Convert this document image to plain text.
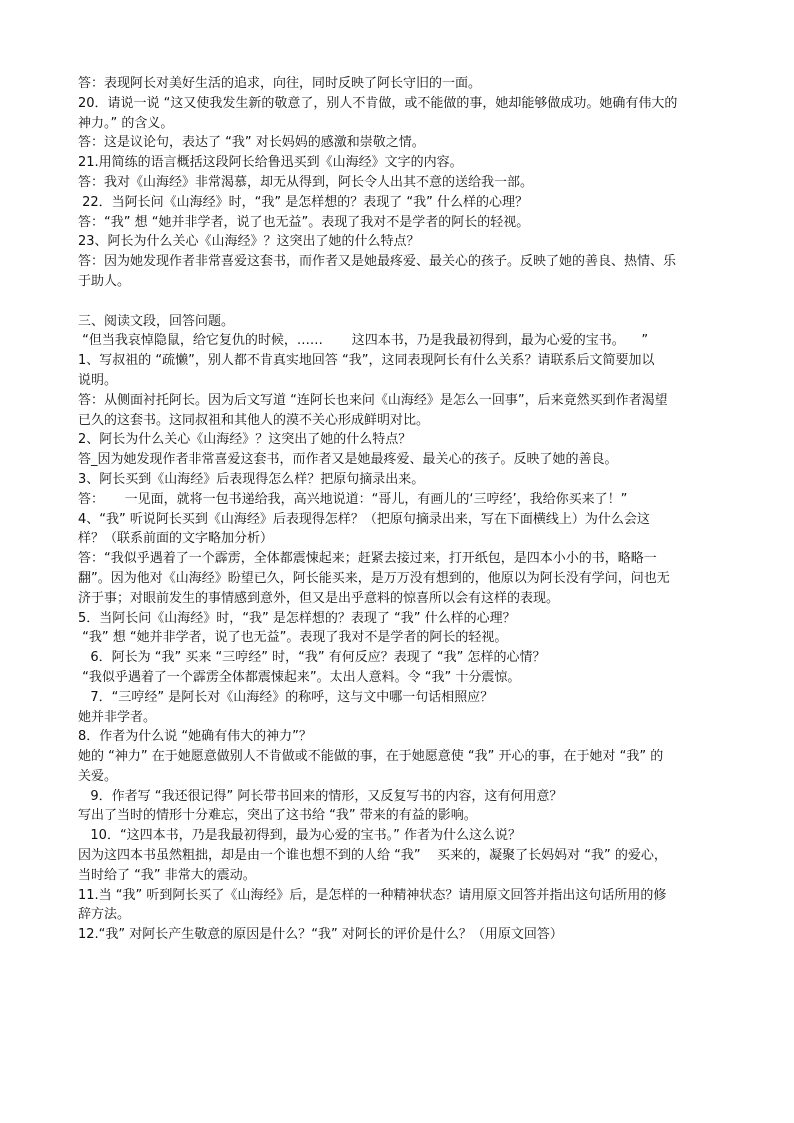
答：表现阿长对美好生活的追求，向往，同时反映了阿长守旧的一面。

20．请说一说 “这又使我发生新的敬意了，别人不肯做，或不能做的事，她却能够做成功。她确有伟大的

神力。” 的含义。

答：这是议论句，表达了 “我” 对长妈妈的感激和崇敬之情。

21.用简练的语言概括这段阿长给鲁迅买到《山海经》文字的内容。

答：我对《山海经》非常渴慕，却无从得到，阿长令人出其不意的送给我一部。

22．当阿长问《山海经》时，“我” 是怎样想的？表现了 “我” 什么样的心理？

答：“我” 想 “她并非学者，说了也无益”。表现了我对不是学者的阿长的轻视。

23、阿长为什么关心《山海经》？这突出了她的什么特点？

答：因为她发现作者非常喜爱这套书，而作者又是她最疼爱、最关心的孩子。反映了她的善良、热情、乐

于助人。

三、阅读文段，回答问题。

“但当我哀悼隐鼠，给它复仇的时候，……       这四本书，乃是我最初得到，最为心爱的宝书。    ”

1、写叔祖的 “疏懒”，别人都不肯真实地回答 “我”，这同表现阿长有什么关系？请联系后文简要加以

说明。

答：从侧面衬托阿长。因为后文写道 “连阿长也来问《山海经》是怎么一回事”，后来竟然买到作者渴望

已久的这套书。这同叔祖和其他人的漠不关心形成鲜明对比。

2、阿长为什么关心《山海经》？这突出了她的什么特点？

答_因为她发现作者非常喜爱这套书，而作者又是她最疼爱、最关心的孩子。反映了她的善良。

3、阿长买到《山海经》后表现得怎么样？把原句摘录出来。

答：     一见面，就将一包书递给我，高兴地说道：“哥儿，有画儿的‘三哼经’，我给你买来了！”

4、“我” 听说阿长买到《山海经》后表现得怎样？（把原句摘录出来，写在下面横线上）为什么会这

样？（联系前面的文字略加分析）

答：“我似乎遇着了一个霹雳，全体都震悚起来；赶紧去接过来，打开纸包，是四本小小的书，略略一

翻”。因为他对《山海经》盼望已久，阿长能买来，是万万没有想到的，他原以为阿长没有学问，问也无

济于事；对眼前发生的事情感到意外，但又是出乎意料的惊喜所以会有这样的表现。

5．当阿长问《山海经》时，“我” 是怎样想的？表现了 “我” 什么样的心理？

“我” 想 “她并非学者，说了也无益”。表现了我对不是学者的阿长的轻视。

6．阿长为 “我” 买来 “三哼经” 时，“我” 有何反应？表现了 “我” 怎样的心情？

“我似乎遇着了一个霹雳全体都震悚起来”。太出人意料。令 “我” 十分震惊。

7．“三哼经” 是阿长对《山海经》的称呼，这与文中哪一句话相照应？

她并非学者。

8．作者为什么说 “她确有伟大的神力”？

她的 “神力” 在于她愿意做别人不肯做或不能做的事，在于她愿意使 “我” 开心的事，在于她对 “我” 的

关爱。

9．作者写 “我还很记得” 阿长带书回来的情形，又反复写书的内容，这有何用意？

写出了当时的情形十分难忘，突出了这书给 “我” 带来的有益的影响。

10．“这四本书，乃是我最初得到，最为心爱的宝书。” 作者为什么这么说？

因为这四本书虽然粗拙，却是由一个谁也想不到的人给 “我”    买来的，凝聚了长妈妈对 “我” 的爱心，

当时给了 “我” 非常大的震动。

11.当 “我” 听到阿长买了《山海经》后，是怎样的一种精神状态？请用原文回答并指出这句话所用的修

辞方法。

12.“我” 对阿长产生敬意的原因是什么？“我” 对阿长的评价是什么？（用原文回答）
